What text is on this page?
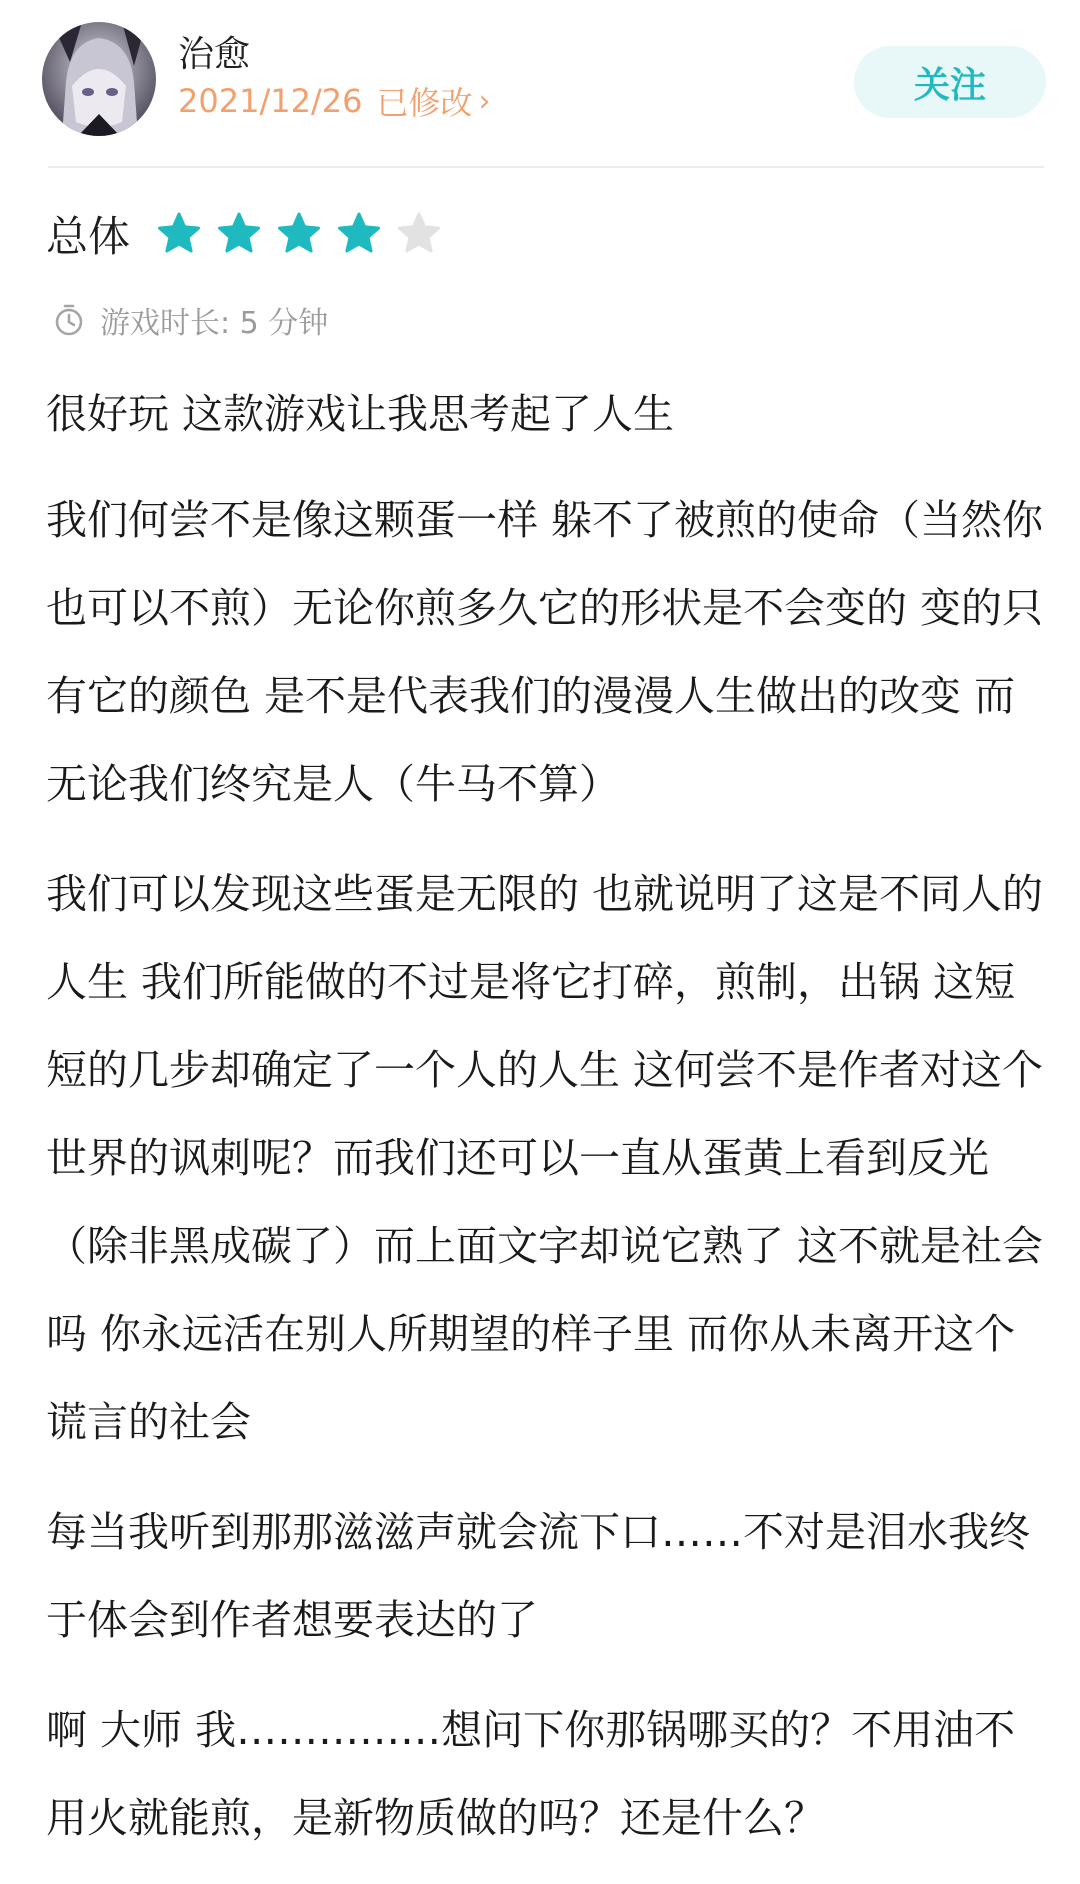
治愈
2021/12/26 已修改 ›	关注
总体
游戏时长: 5 分钟

很好玩 这款游戏让我思考起了人生

我们何尝不是像这颗蛋一样 躲不了被煎的使命（当然你也可以不煎）无论你煎多久它的形状是不会变的 变的只有它的颜色 是不是代表我们的漫漫人生做出的改变 而无论我们终究是人（牛马不算）

我们可以发现这些蛋是无限的 也就说明了这是不同人的人生 我们所能做的不过是将它打碎，煎制，出锅 这短短的几步却确定了一个人的人生 这何尝不是作者对这个世界的讽刺呢？而我们还可以一直从蛋黄上看到反光（除非黑成碳了）而上面文字却说它熟了 这不就是社会吗 你永远活在别人所期望的样子里 而你从未离开这个谎言的社会

每当我听到那那滋滋声就会流下口……不对是泪水我终于体会到作者想要表达的了

啊 大师 我……………想问下你那锅哪买的？不用油不用火就能煎，是新物质做的吗？还是什么？
